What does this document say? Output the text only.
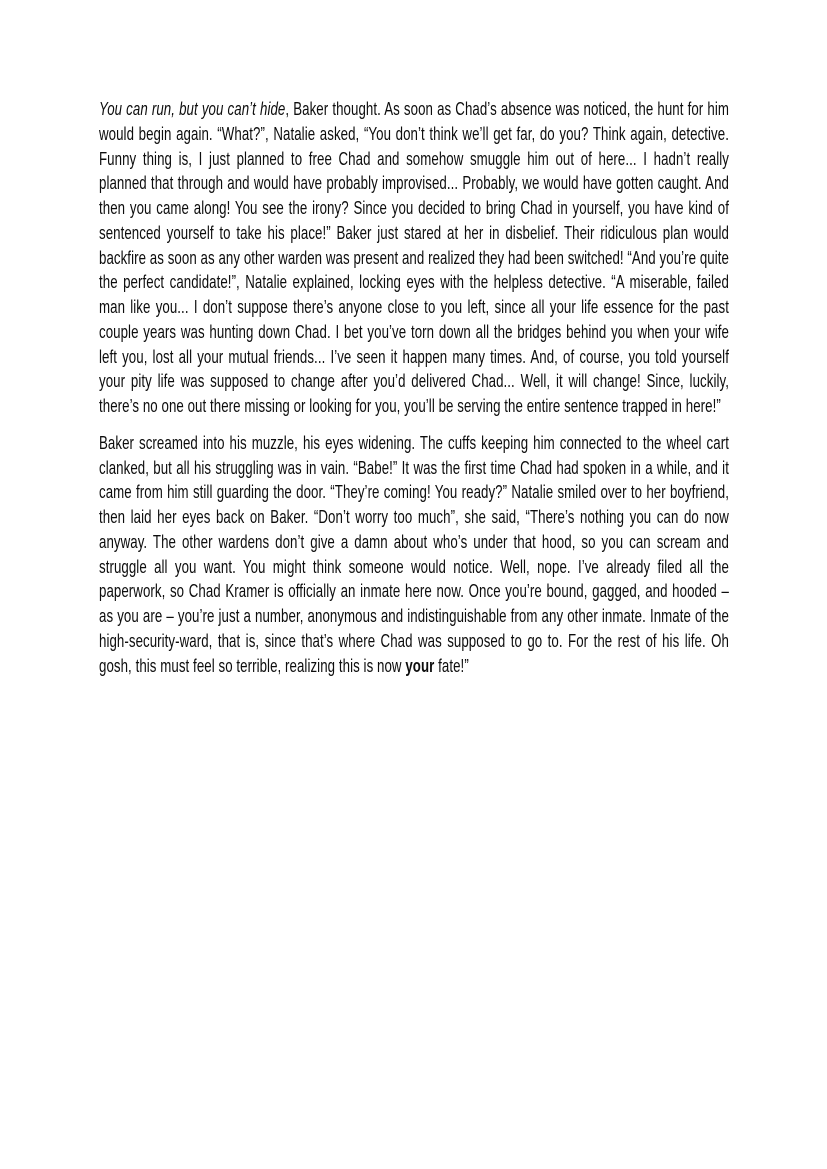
You can run, but you can’t hide, Baker thought. As soon as Chad’s absence was noticed, the hunt for him would begin again. “What?”, Natalie asked, “You don’t think we’ll get far, do you? Think again, detective. Funny thing is, I just planned to free Chad and somehow smuggle him out of here... I hadn’t really planned that through and would have probably improvised... Probably, we would have gotten caught. And then you came along! You see the irony? Since you decided to bring Chad in yourself, you have kind of sentenced yourself to take his place!” Baker just stared at her in disbelief. Their ridiculous plan would backfire as soon as any other warden was present and realized they had been switched! “And you’re quite the perfect candidate!”, Natalie explained, locking eyes with the helpless detective. “A miserable, failed man like you... I don’t suppose there’s anyone close to you left, since all your life essence for the past couple years was hunting down Chad. I bet you’ve torn down all the bridges behind you when your wife left you, lost all your mutual friends... I’ve seen it happen many times. And, of course, you told yourself your pity life was supposed to change after you’d delivered Chad... Well, it will change! Since, luckily, there’s no one out there missing or looking for you, you’ll be serving the entire sentence trapped in here!”

Baker screamed into his muzzle, his eyes widening. The cuffs keeping him connected to the wheel cart clanked, but all his struggling was in vain. “Babe!” It was the first time Chad had spoken in a while, and it came from him still guarding the door. “They’re coming! You ready?” Natalie smiled over to her boyfriend, then laid her eyes back on Baker. “Don’t worry too much”, she said, “There’s nothing you can do now anyway. The other wardens don’t give a damn about who’s under that hood, so you can scream and struggle all you want. You might think someone would notice. Well, nope. I’ve already filed all the paperwork, so Chad Kramer is officially an inmate here now. Once you’re bound, gagged, and hooded – as you are – you’re just a number, anonymous and indistinguishable from any other inmate. Inmate of the high-security-ward, that is, since that’s where Chad was supposed to go to. For the rest of his life. Oh gosh, this must feel so terrible, realizing this is now your fate!”
